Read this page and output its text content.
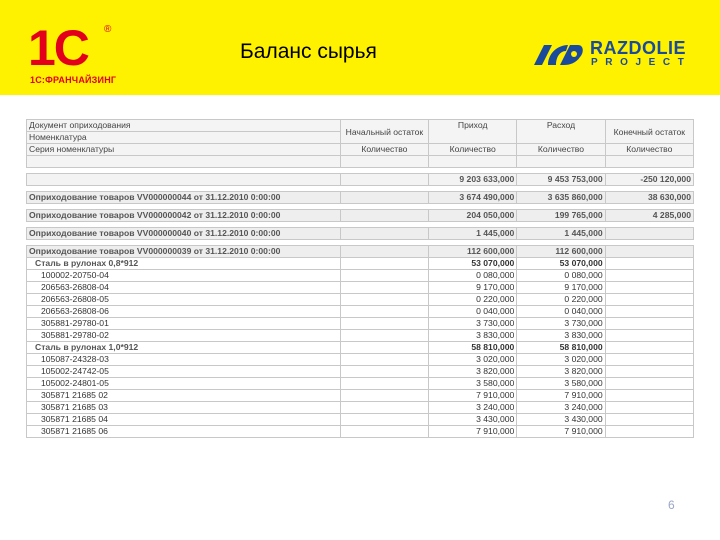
1С ®
1С:ФРАНЧАЙЗИНГ
Баланс сырья	RAZDOLIE
PROJECT
Документ оприходования	Начальный остаток	Приход	Расход	Конечный остаток
Номенклатура				
Серия номенклатуры	Количество	Количество	Количество	Количество

		9 203 633,000	9 453 753,000	-250 120,000

Оприходование товаров VV000000044 от 31.12.2010 0:00:00		3 674 490,000	3 635 860,000	38 630,000

Оприходование товаров VV000000042 от 31.12.2010 0:00:00		204 050,000	199 765,000	4 285,000

Оприходование товаров VV000000040 от 31.12.2010 0:00:00		1 445,000	1 445,000	

Оприходование товаров VV000000039 от 31.12.2010 0:00:00		112 600,000	112 600,000	
Сталь в рулонах 0,8*912		53 070,000	53 070,000	
100002-20750-04		0 080,000	0 080,000	
206563-26808-04		9 170,000	9 170,000	
206563-26808-05		0 220,000	0 220,000	
206563-26808-06		0 040,000	0 040,000	
305881-29780-01		3 730,000	3 730,000	
305881-29780-02		3 830,000	3 830,000	
Сталь в рулонах 1,0*912		58 810,000	58 810,000	
105087-24328-03		3 020,000	3 020,000	
105002-24742-05		3 820,000	3 820,000	
105002-24801-05		3 580,000	3 580,000	
305871 21685 02		7 910,000	7 910,000	
305871 21685 03		3 240,000	3 240,000	
305871 21685 04		3 430,000	3 430,000	
305871 21685 06		7 910,000	7 910,000	
6
